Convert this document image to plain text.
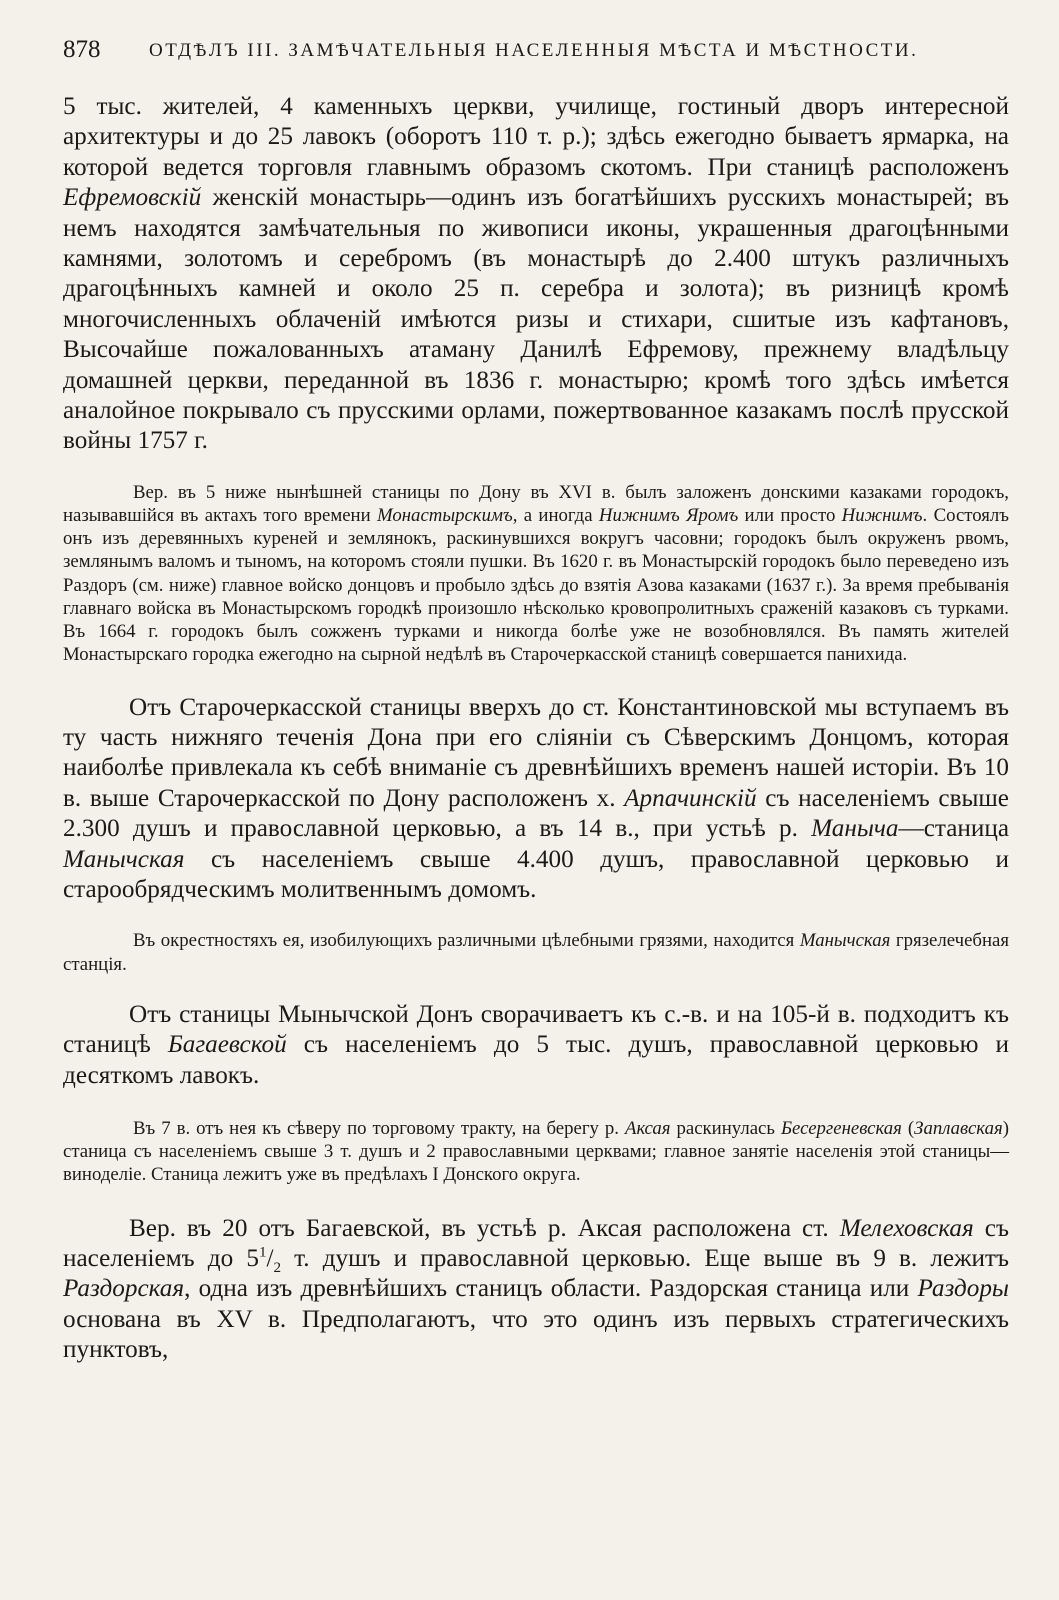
878	ОТДѢЛЪ III. ЗАМѢЧАТЕЛЬНЫЯ НАСЕЛЕННЫЯ МѢСТА И МѢСТНОСТИ.

5 тыс. жителей, 4 каменныхъ церкви, училище, гостиный дворъ интересной архитектуры и до 25 лавокъ (оборотъ 110 т. р.); здѣсь ежегодно бываетъ ярмарка, на которой ведется торговля главнымъ образомъ скотомъ. При станицѣ расположенъ Ефремовскій женскій монастырь—одинъ изъ богатѣйшихъ русскихъ монастырей; въ немъ находятся замѣчательныя по живописи иконы, украшенныя драгоцѣнными камнями, золотомъ и серебромъ (въ монастырѣ до 2.400 штукъ различныхъ драгоцѣнныхъ камней и около 25 п. серебра и золота); въ ризницѣ кромѣ многочисленныхъ облаченій имѣются ризы и стихари, сшитые изъ кафтановъ, Высочайше пожалованныхъ атаману Данилѣ Ефремову, прежнему владѣльцу домашней церкви, переданной въ 1836 г. монастырю; кромѣ того здѣсь имѣется аналойное покрывало съ прусскими орлами, пожертвованное казакамъ послѣ прусской войны 1757 г.

Вер. въ 5 ниже нынѣшней станицы по Дону въ XVI в. былъ заложенъ донскими казаками городокъ, называвшійся въ актахъ того времени Монастырскимъ, а иногда Нижнимъ Яромъ или просто Нижнимъ. Состоялъ онъ изъ деревянныхъ куреней и землянокъ, раскинувшихся вокругъ часовни; городокъ былъ окруженъ рвомъ, землянымъ валомъ и тыномъ, на которомъ стояли пушки. Въ 1620 г. въ Монастырскій городокъ было переведено изъ Раздоръ (см. ниже) главное войско донцовъ и пробыло здѣсь до взятія Азова казаками (1637 г.). За время пребыванія главнаго войска въ Монастырскомъ городкѣ произошло нѣсколько кровопролитныхъ сраженій казаковъ съ турками. Въ 1664 г. городокъ былъ сожженъ турками и никогда болѣе уже не возобновлялся. Въ память жителей Монастырскаго городка ежегодно на сырной недѣлѣ въ Старочеркасской станицѣ совершается панихида.

Отъ Старочеркасской станицы вверхъ до ст. Константиновской мы вступаемъ въ ту часть нижняго теченія Дона при его сліяніи съ Сѣверскимъ Донцомъ, которая наиболѣе привлекала къ себѣ вниманіе съ древнѣйшихъ временъ нашей исторіи. Въ 10 в. выше Старочеркасской по Дону расположенъ х. Арпачинскій съ населеніемъ свыше 2.300 душъ и православной церковью, а въ 14 в., при устьѣ р. Маныча—станица Манычская съ населеніемъ свыше 4.400 душъ, православной церковью и старообрядческимъ молитвеннымъ домомъ.

Въ окрестностяхъ ея, изобилующихъ различными цѣлебными грязями, находится Манычская грязелечебная станція.

Отъ станицы Мынычской Донъ сворачиваетъ къ с.-в. и на 105-й в. подходитъ къ станицѣ Багаевской съ населеніемъ до 5 тыс. душъ, православной церковью и десяткомъ лавокъ.

Въ 7 в. отъ нея къ сѣверу по торговому тракту, на берегу р. Аксая раскинулась Бесергеневская (Заплавская) станица съ населеніемъ свыше 3 т. душъ и 2 православными церквами; главное занятіе населенія этой станицы—виноделіе. Станица лежитъ уже въ предѣлахъ I Донского округа.

Вер. въ 20 отъ Багаевской, въ устьѣ р. Аксая расположена ст. Мелеховская съ населеніемъ до $5^1/_2$ т. душъ и православной церковью. Еще выше въ 9 в. лежитъ Раздорская, одна изъ древнѣйшихъ станицъ области. Раздорская станица или Раздоры основана въ XV в. Предполагаютъ, что это одинъ изъ первыхъ стратегическихъ пунктовъ,
